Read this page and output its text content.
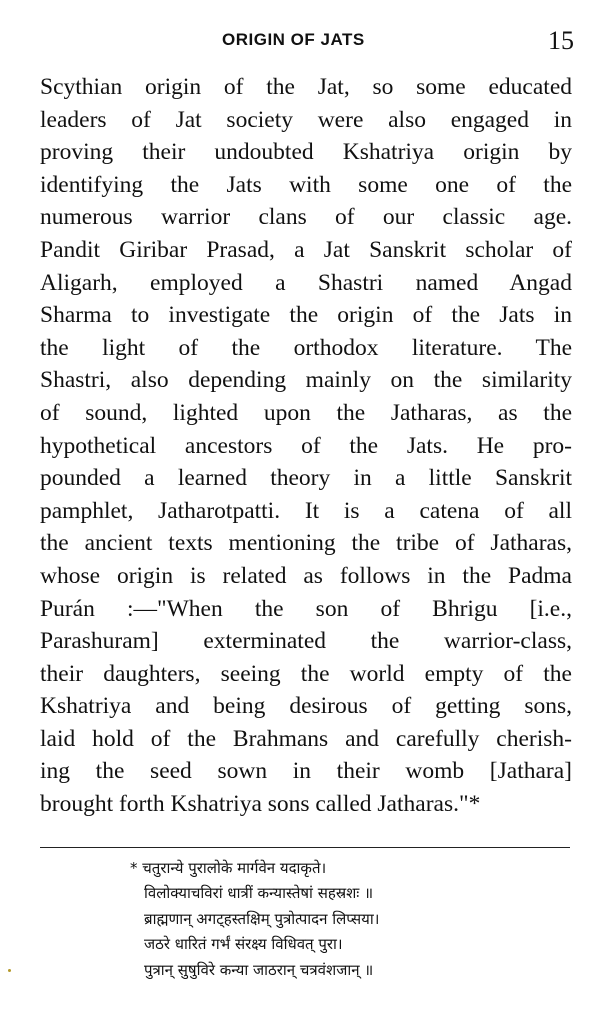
ORIGIN OF JATS	15
Scythian origin of the Jat, so some educated
leaders of Jat society were also engaged in
proving their undoubted Kshatriya origin by
identifying the Jats with some one of the
numerous warrior clans of our classic age.
Pandit Giribar Prasad, a Jat Sanskrit scholar of
Aligarh, employed a Shastri named Angad
Sharma to investigate the origin of the Jats in
the light of the orthodox literature. The
Shastri, also depending mainly on the similarity
of sound, lighted upon the Jatharas, as the
hypothetical ancestors of the Jats. He pro-
pounded a learned theory in a little Sanskrit
pamphlet, Jatharotpatti. It is a catena of all
the ancient texts mentioning the tribe of Jatharas,
whose origin is related as follows in the Padma
Purán :—"When the son of Bhrigu [i.e.,
Parashuram] exterminated the warrior-class,
their daughters, seeing the world empty of the
Kshatriya and being desirous of getting sons,
laid hold of the Brahmans and carefully cherish-
ing the seed sown in their womb [Jathara]
brought forth Kshatriya sons called Jatharas."*
* चतुरान्ये पुरालोके मार्गवेन यदाकृते।
विलोक्याचविरां धात्रीं कन्यास्तेषां सहस्रशः ॥
ब्राह्मणान् अगट्हस्तक्षिम् पुत्रोत्पादन लिप्सया।
जठरे धारितं गर्भं संरक्ष्य विधिवत् पुरा।
पुत्रान् सुषुविरे कन्या जाठरान् चत्रवंशजान् ॥
